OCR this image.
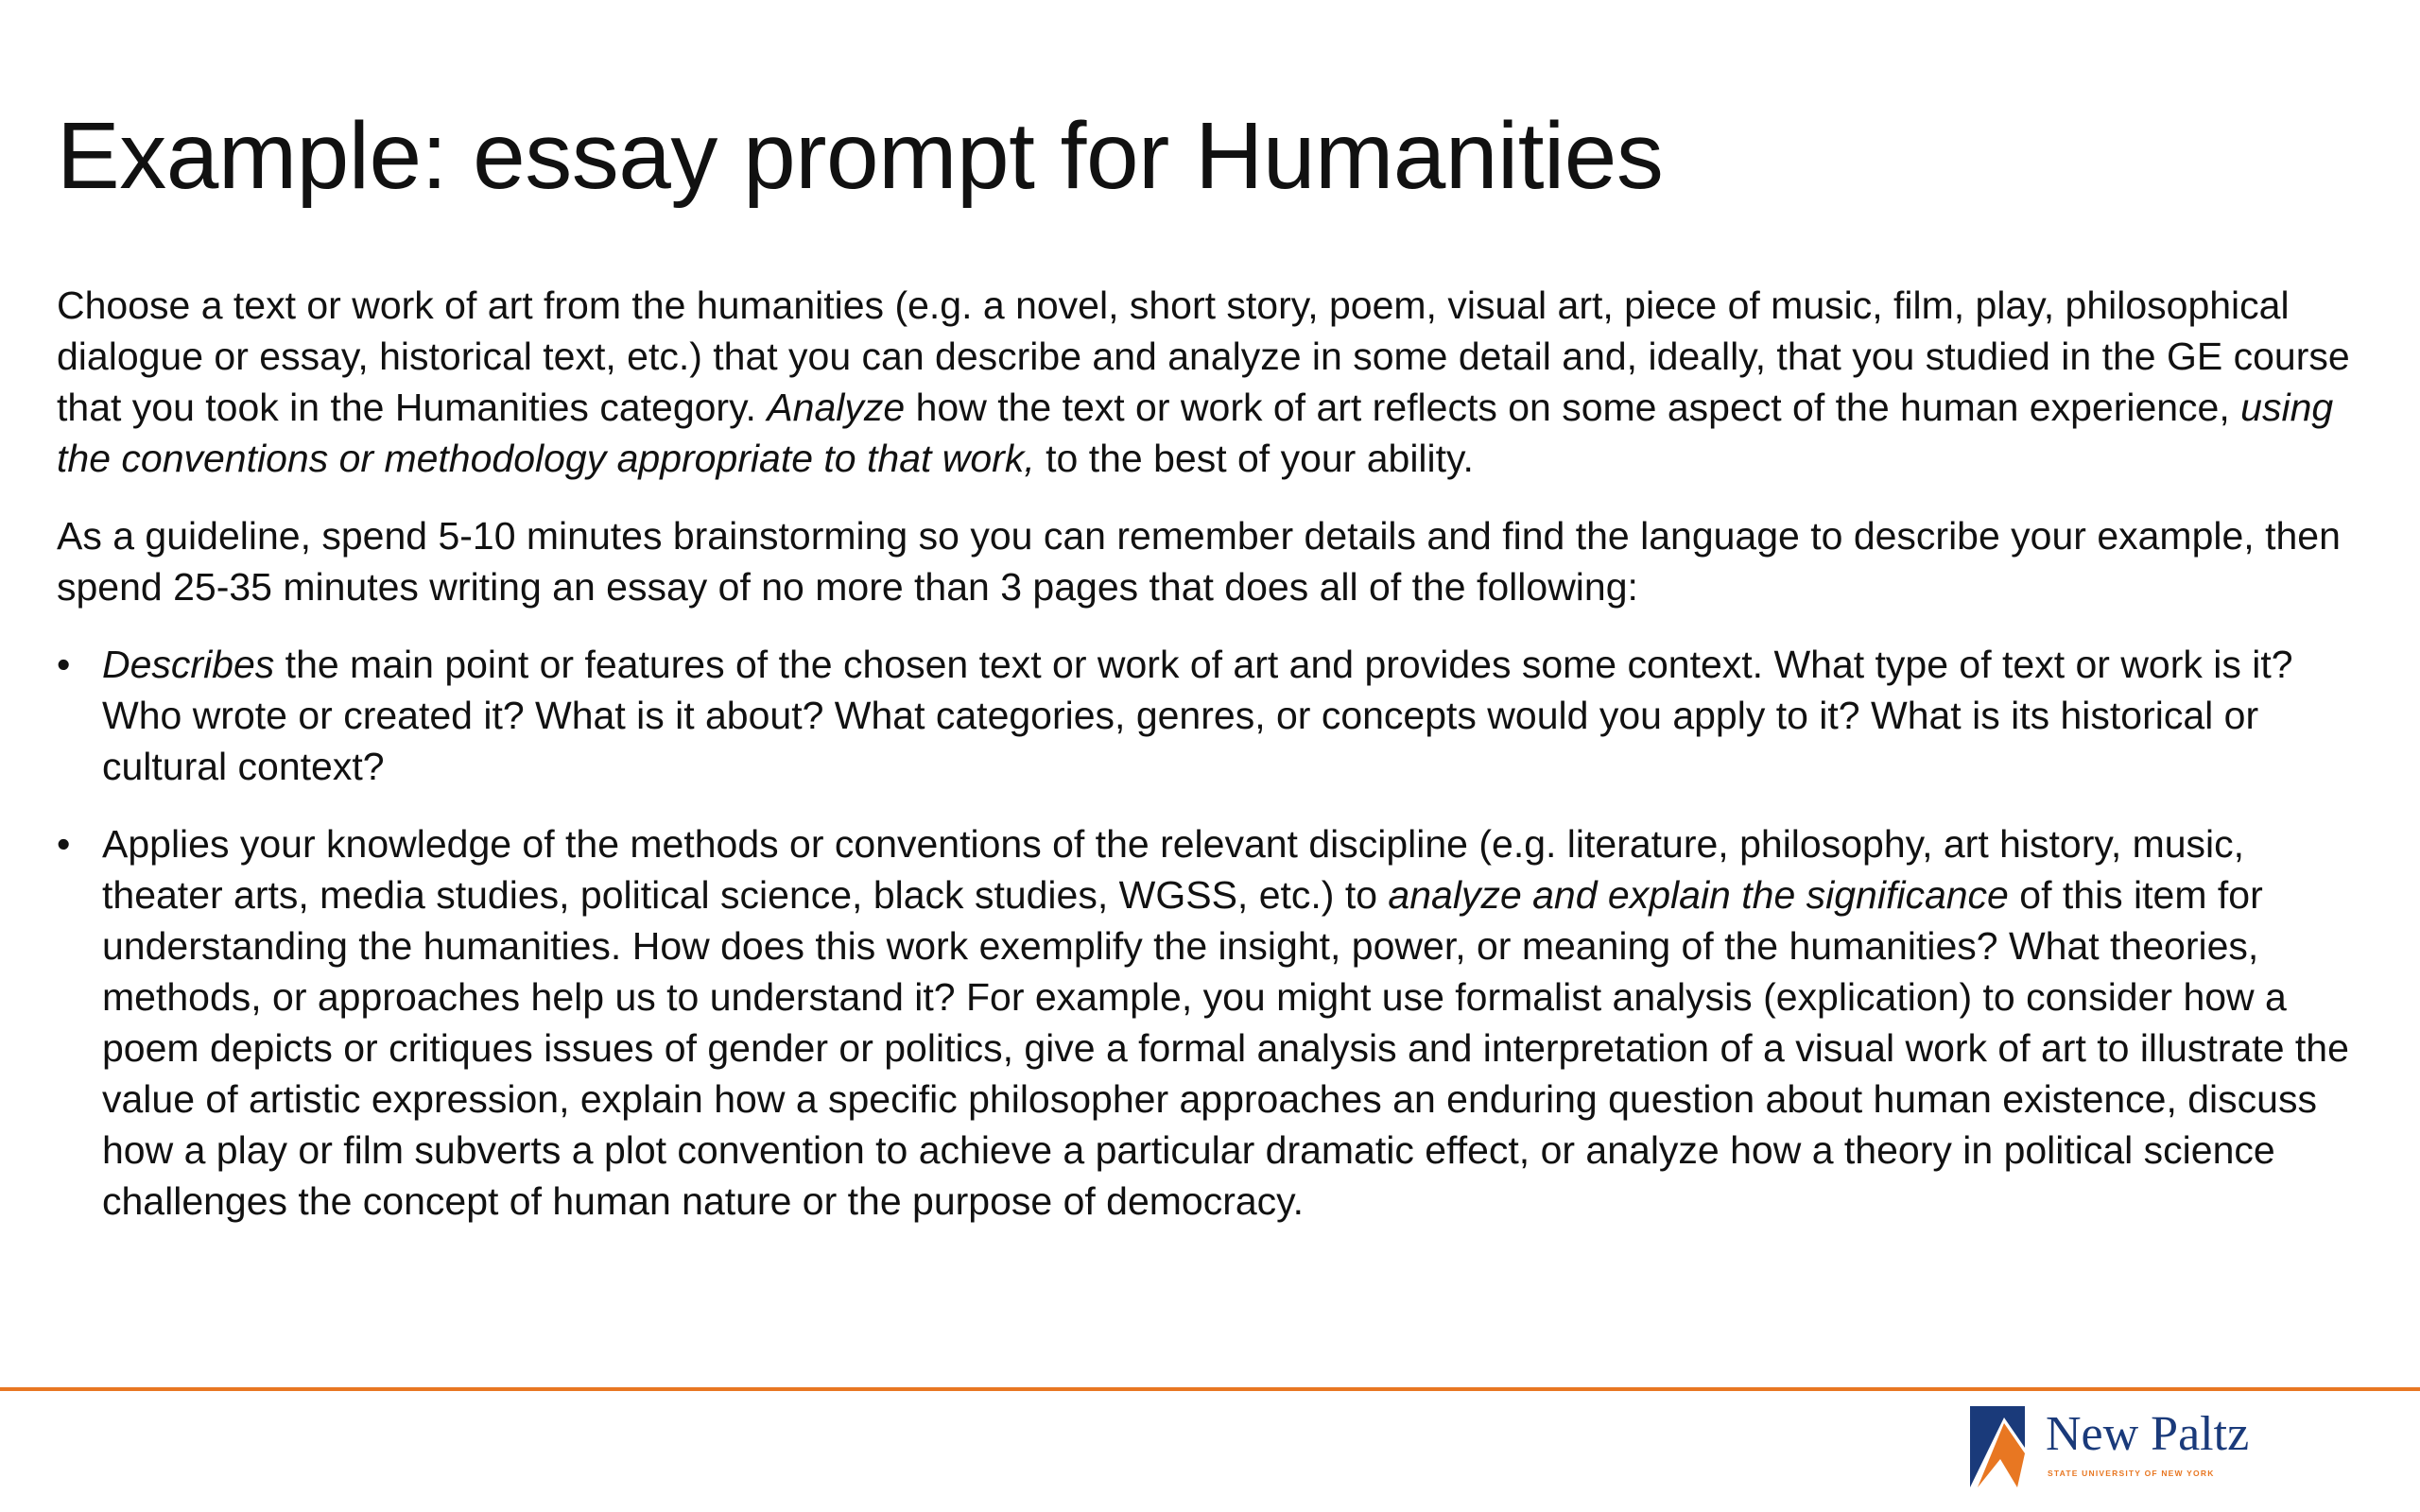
Example: essay prompt for Humanities

Choose a text or work of art from the humanities (e.g. a novel, short story, poem, visual art, piece of music, film, play, philosophical dialogue or essay, historical text, etc.) that you can describe and analyze in some detail and, ideally, that you studied in the GE course that you took in the Humanities category. Analyze how the text or work of art reflects on some aspect of the human experience, using the conventions or methodology appropriate to that work, to the best of your ability.

As a guideline, spend 5-10 minutes brainstorming so you can remember details and find the language to describe your example, then spend 25-35 minutes writing an essay of no more than 3 pages that does all of the following:

• Describes the main point or features of the chosen text or work of art and provides some context. What type of text or work is it? Who wrote or created it? What is it about? What categories, genres, or concepts would you apply to it? What is its historical or cultural context?
• Applies your knowledge of the methods or conventions of the relevant discipline (e.g. literature, philosophy, art history, music, theater arts, media studies, political science, black studies, WGSS, etc.) to analyze and explain the significance of this item for understanding the humanities. How does this work exemplify the insight, power, or meaning of the humanities? What theories, methods, or approaches help us to understand it? For example, you might use formalist analysis (explication) to consider how a poem depicts or critiques issues of gender or politics, give a formal analysis and interpretation of a visual work of art to illustrate the value of artistic expression, explain how a specific philosopher approaches an enduring question about human existence, discuss how a play or film subverts a plot convention to achieve a particular dramatic effect, or analyze how a theory in political science challenges the concept of human nature or the purpose of democracy.
New Paltz
STATE UNIVERSITY OF NEW YORK
